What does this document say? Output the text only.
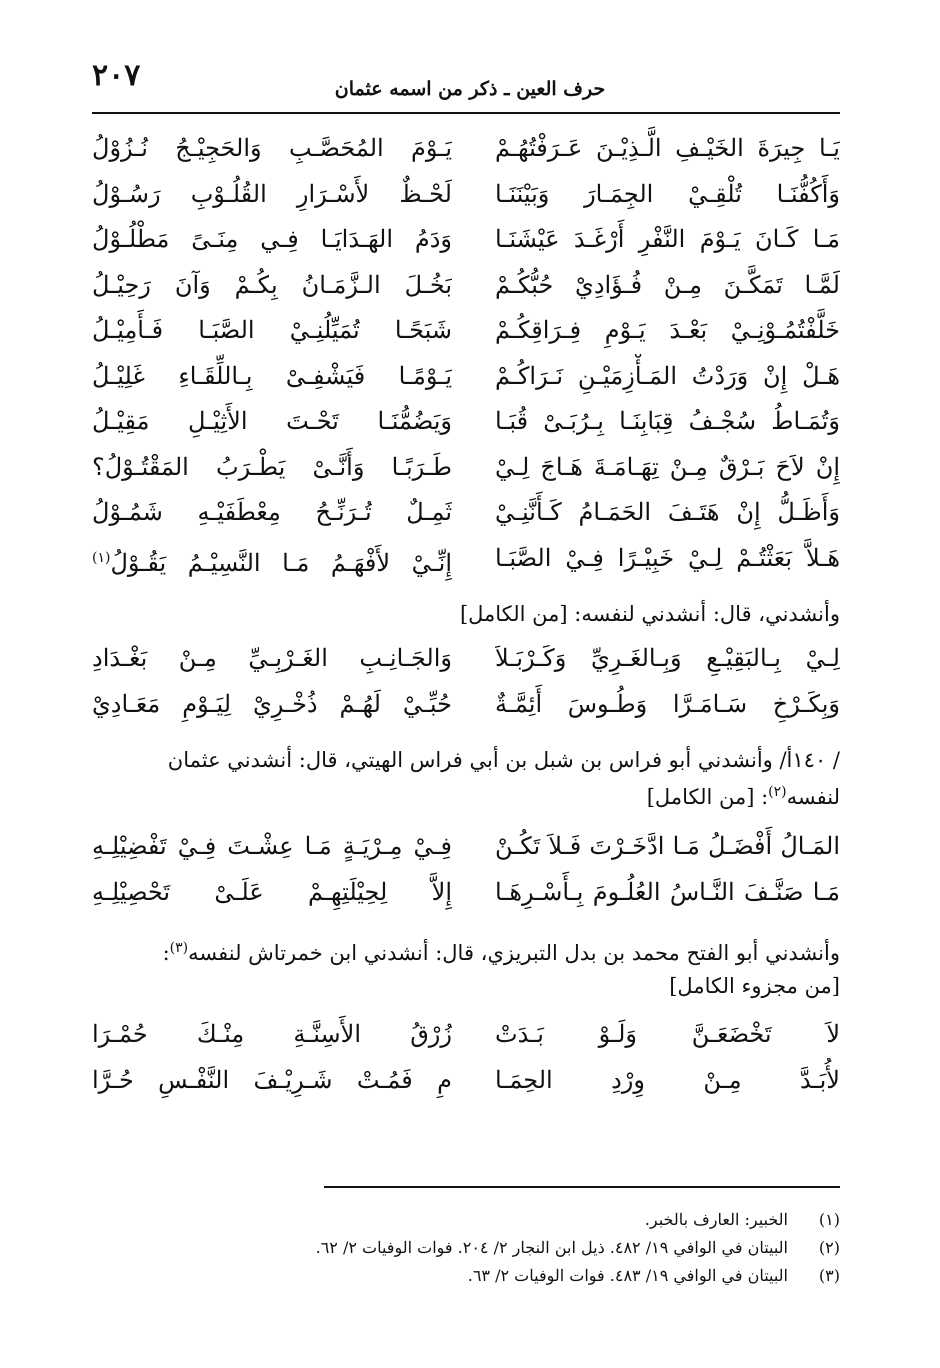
٢٠٧	حرف العين ـ ذكر من اسمه عثمان
يَـا جِيرَةَ الخَيْـفِ الَّـذِيْـنَ عَـرَفْتُهُـمْ
يَـوْمَ المُحَصَّـبِ وَالحَجِيْـجُ نُـزُوْلُ
وَأَكُفُّنَـا تُلْقِـيْ الجِمَـارَ وَبَيْنَنَـا
لَحْـظٌ لأَسْـرَارِ القُلُـوْبِ رَسُـوْلُ
مَـا كَـانَ يَـوْمَ النَّفْرِ أَرْغَـدَ عَيْشَنَـا
وَدَمُ الهَـدَايَـا فِـي مِنَـىً مَطْلُـوْلُ
لَمَّـا تَمَكَّـنَ مِـنْ فُـؤَادِيْ حُبُّكُـمْ
بَخُـلَ الـزَّمَـانُ بِكُـمْ وَآنَ رَحِيْـلُ
خَلَّفْتُمُـوْنِـيْ بَعْـدَ يَـوْمِ فِـرَاقِكُـمْ
شَبَحًـا تُمَيِّلُنِـيْ الصَّبَـا فَـأَمِيْـلُ
هَـلْ إِنْ وَرَدْتُ المَـأْزِمَيْـنِ نَـرَاكُـمْ
يَـوْمًـا فَيَشْفِـىْ بِـاللِّقَـاءِ غَلِيْـلُ
وَتُمَـاطُ سُجْـفُ قِبَابِنَـا بِـرُبَـىْ قُبَـا
وَيَضُمُّنَـا تَحْـتَ الأَثِيْـلِ مَقِيْـلُ
إِنْ لاَحَ بَـرْقٌ مِـنْ تِهَـامَـةَ هَـاجَ لِـيْ
طَـرَبًـا وَأَنَّـىْ يَطْـرَبُ المَقْتُـوْلُ؟
وَأَظَـلُّ إِنْ هَتَـفَ الحَمَـامُ كَـأَنَّنِـيْ
ثَمِـلٌ تُـرَنِّـحُ مِعْطَفَيْـهِ شَمُـوْلُ
هَـلاَّ بَعَثْتُـمْ لِـيْ خَبِيْـرًا فِـيْ الصَّبَـا
إِنِّـيْ لأَفْهَـمُ مَـا النَّسِيْـمُ يَقُـوْلُ$^{(١)}$
وأنشدني، قال: أنشدني لنفسه: [من الكامل]
لِـيْ بِـالبَقِيْـعِ وَبِـالغَـرِيِّ وَكَـرْبَـلاَ
وَالجَـانِـبِ الغَـرْبِـيِّ مِـنْ بَغْـدَادِ
وَبِكَـرْخِ سَـامَـرَّا وَطُـوسَ أَئِمَّـةٌ
حُبِّـيْ لَهُـمْ ذُخْـرِيْ لِيَـوْمِ مَعَـادِيْ
/ ١٤٠أ/ وأنشدني أبو فراس بن شبل بن أبي فراس الهيتي، قال: أنشدني عثمان لنفسه$^{(٢)}$: [من الكامل]
المَـالُ أَفْضَـلُ مَـا ادَّخَـرْتَ فَـلاَ تَكُـنْ
فِـيْ مِـرْيَـةٍ مَـا عِشْـتَ فِـيْ تَفْضِيْلِـهِ
مَـا صَنَّـفَ النَّـاسُ العُلُـومَ بِـأَسْـرِهَـا
إِلاَّ لِحِيْلَتِهِـمْ عَلَـىْ تَحْصِيْلِـهِ
وأنشدني أبو الفتح محمد بن بدل التبريزي، قال: أنشدني ابن خمرتاش لنفسه$^{(٣)}$:
[من مجزوء الكامل]
لاَ تَخْضَعَـنَّ وَلَـوْ بَـدَتْ
زُرْقُ الأَسِنَّـةِ مِنْـكَ حُمْـرَا
لأُبَـدَّ مِـنْ وِرْدِ الحِمَـا
مِ فَمُـتْ شَـرِيْـفَ النَّفْـسِ حُـرَّا
(١)
الخبير: العارف بالخبر.
(٢)
البيتان في الوافي ١٩/ ٤٨٢. ذيل ابن النجار ٢/ ٢٠٤. فوات الوفيات ٢/ ٦٢.
(٣)
البيتان في الوافي ١٩/ ٤٨٣. فوات الوفيات ٢/ ٦٣.
